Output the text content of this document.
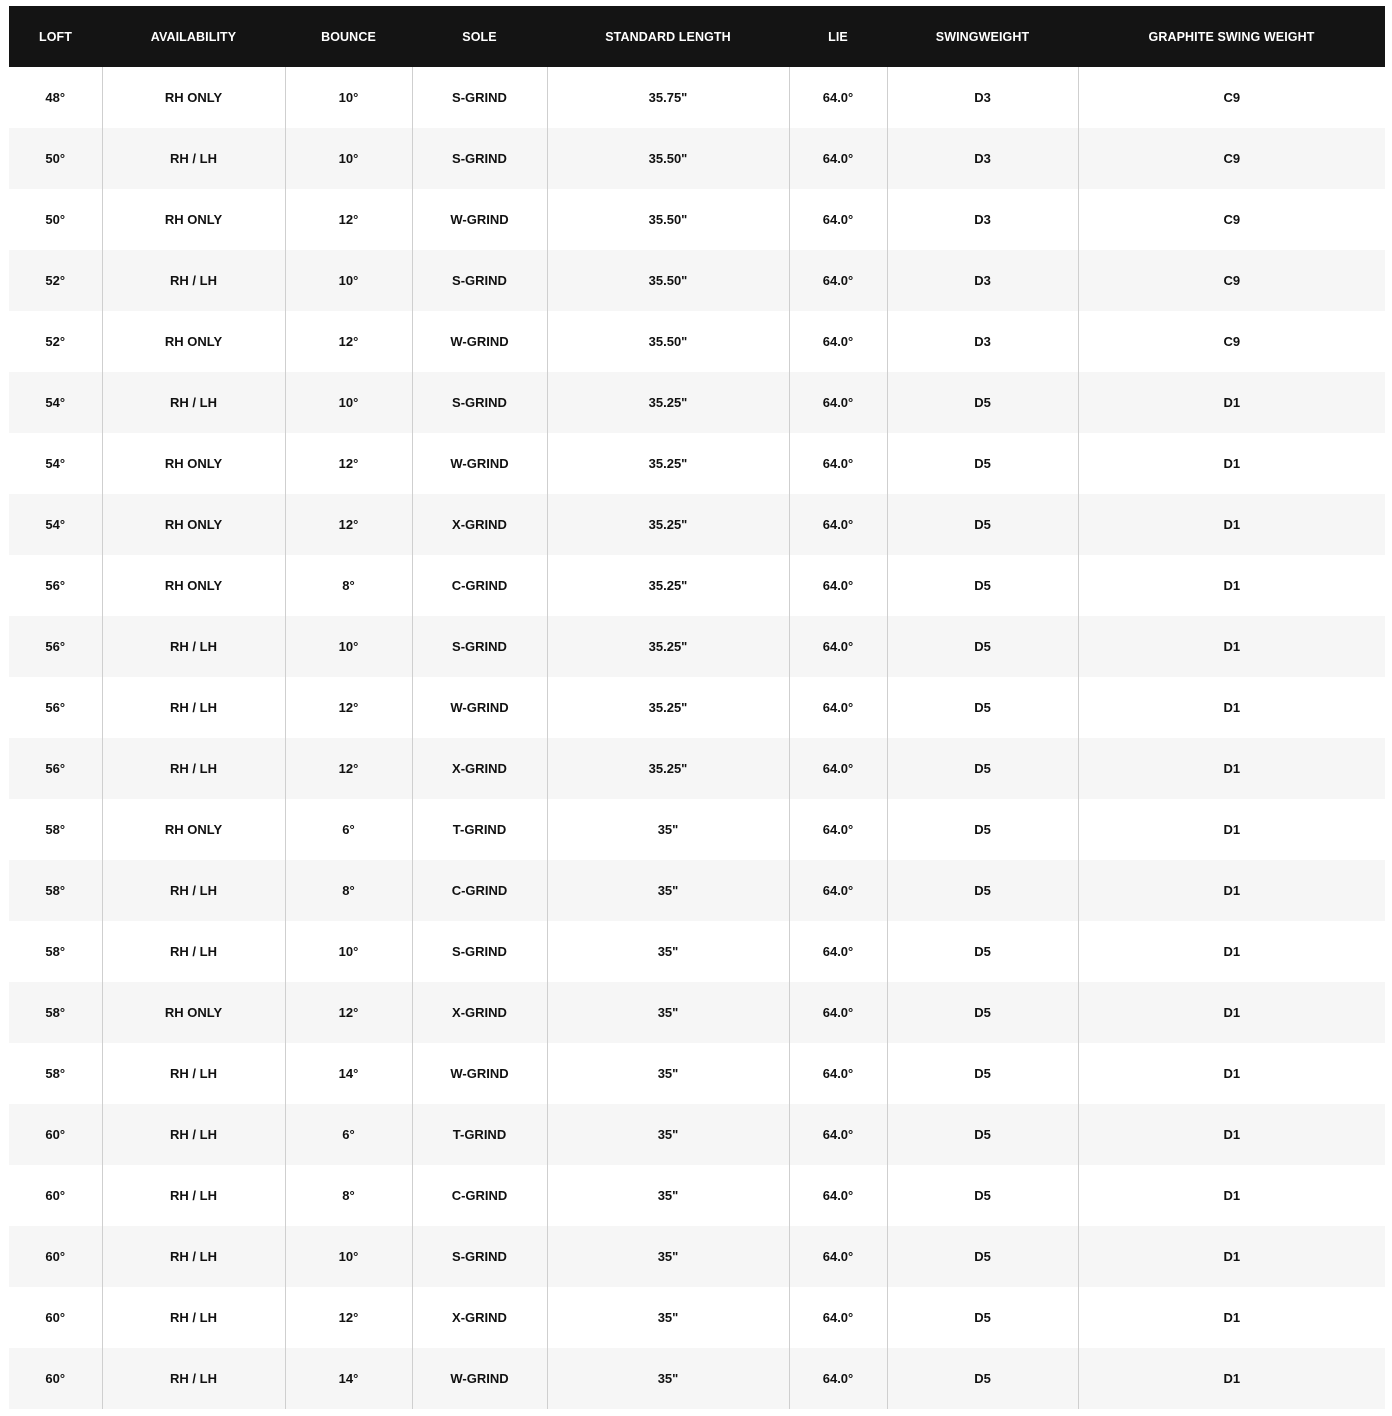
LOFT	AVAILABILITY	BOUNCE	SOLE	STANDARD LENGTH	LIE	SWINGWEIGHT	GRAPHITE SWING WEIGHT
48°	RH ONLY	10°	S-GRIND	35.75"	64.0°	D3	C9
50°	RH / LH	10°	S-GRIND	35.50"	64.0°	D3	C9
50°	RH ONLY	12°	W-GRIND	35.50"	64.0°	D3	C9
52°	RH / LH	10°	S-GRIND	35.50"	64.0°	D3	C9
52°	RH ONLY	12°	W-GRIND	35.50"	64.0°	D3	C9
54°	RH / LH	10°	S-GRIND	35.25"	64.0°	D5	D1
54°	RH ONLY	12°	W-GRIND	35.25"	64.0°	D5	D1
54°	RH ONLY	12°	X-GRIND	35.25"	64.0°	D5	D1
56°	RH ONLY	8°	C-GRIND	35.25"	64.0°	D5	D1
56°	RH / LH	10°	S-GRIND	35.25"	64.0°	D5	D1
56°	RH / LH	12°	W-GRIND	35.25"	64.0°	D5	D1
56°	RH / LH	12°	X-GRIND	35.25"	64.0°	D5	D1
58°	RH ONLY	6°	T-GRIND	35"	64.0°	D5	D1
58°	RH / LH	8°	C-GRIND	35"	64.0°	D5	D1
58°	RH / LH	10°	S-GRIND	35"	64.0°	D5	D1
58°	RH ONLY	12°	X-GRIND	35"	64.0°	D5	D1
58°	RH / LH	14°	W-GRIND	35"	64.0°	D5	D1
60°	RH / LH	6°	T-GRIND	35"	64.0°	D5	D1
60°	RH / LH	8°	C-GRIND	35"	64.0°	D5	D1
60°	RH / LH	10°	S-GRIND	35"	64.0°	D5	D1
60°	RH / LH	12°	X-GRIND	35"	64.0°	D5	D1
60°	RH / LH	14°	W-GRIND	35"	64.0°	D5	D1
